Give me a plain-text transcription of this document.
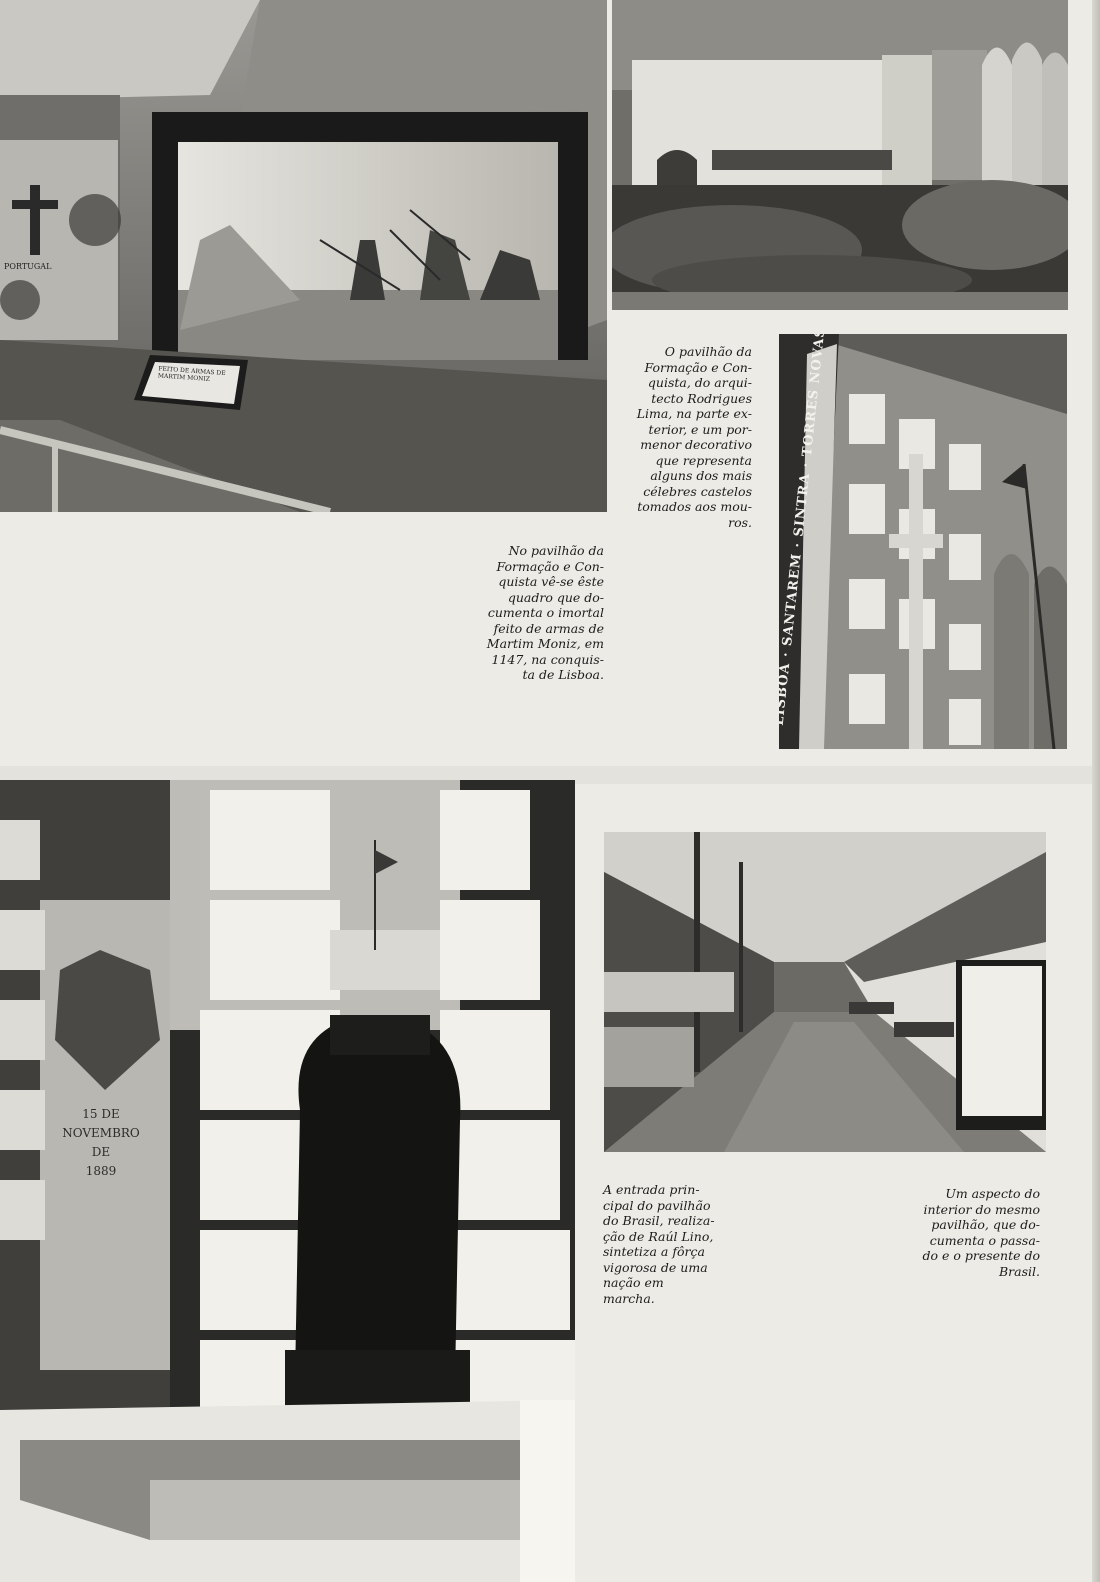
FEITO DE ARMAS DE MARTIM MONIZ
PORTUGAL
LISBOA · SANTAREM · SINTRA · TORRES NOVAS
15 DE NOVEMBRO
DE
1889

O pavilhão da
Formação e Con-
quista, do arqui-
tecto Rodrigues
Lima, na parte ex-
terior, e um por-
menor decorativo
que representa
alguns dos mais
célebres castelos
tomados aos mou-
ros.

No pavilhão da
Formação e Con-
quista vê-se êste
quadro que do-
cumenta o imortal
feito de armas de
Martim Moniz, em
1147, na conquis-
ta de Lisboa.

A entrada prin-
cipal do pavilhão
do Brasil, realiza-
ção de Raúl Lino,
sintetiza a fôrça
vigorosa de uma
nação em marcha.

Um aspecto do
interior do mesmo
pavilhão, que do-
cumenta o passa-
do e o presente do
Brasil.
